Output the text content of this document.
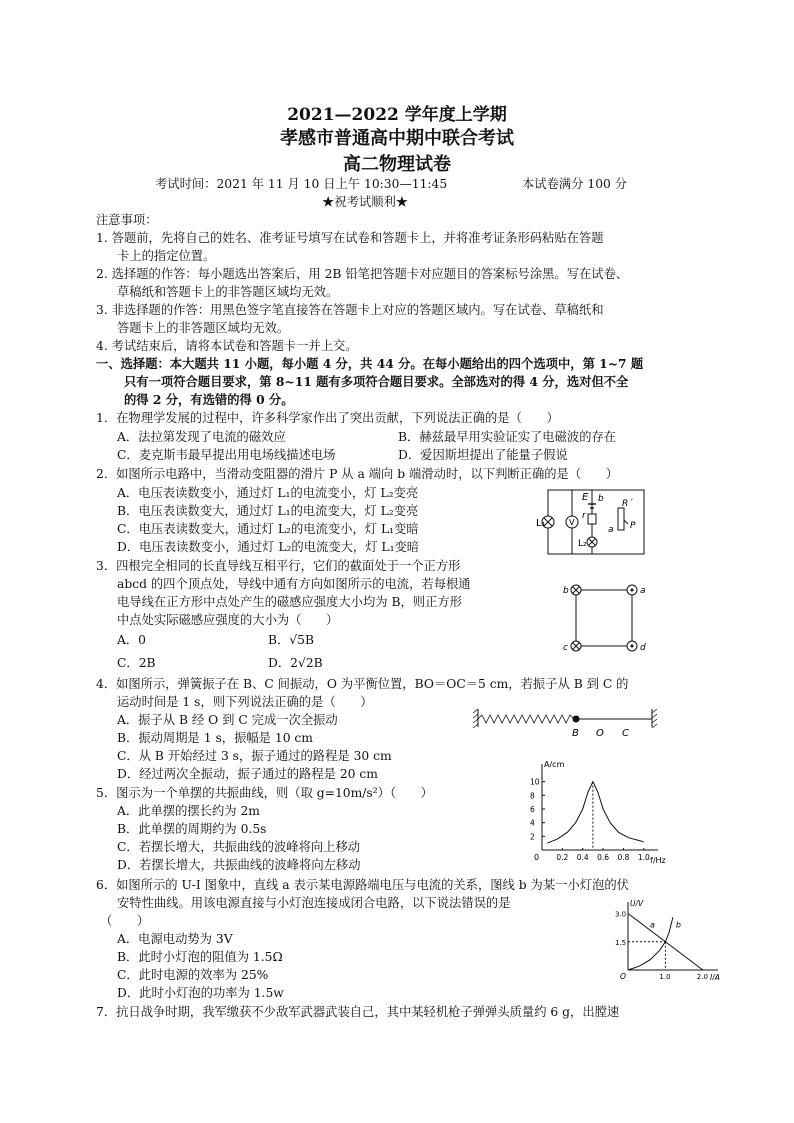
2021—2022 学年度上学期
孝感市普通高中期中联合考试
高二物理试卷
考试时间：2021 年 11 月 10 日上午 10:30—11:45	本试卷满分 100 分
★祝考试顺利★
注意事项：
1. 答题前，先将自己的姓名、准考证号填写在试卷和答题卡上，并将准考证条形码粘贴在答题
卡上的指定位置。
2. 选择题的作答：每小题选出答案后，用 2B 铅笔把答题卡对应题目的答案标号涂黑。写在试卷、
草稿纸和答题卡上的非答题区域均无效。
3. 非选择题的作答：用黑色签字笔直接答在答题卡上对应的答题区域内。写在试卷、草稿纸和
答题卡上的非答题区域均无效。
4. 考试结束后，请将本试卷和答题卡一并上交。
一、选择题：本大题共 11 小题，每小题 4 分，共 44 分。在每小题给出的四个选项中，第 1~7 题
只有一项符合题目要求，第 8~11 题有多项符合题目要求。全部选对的得 4 分，选对但不全
的得 2 分，有选错的得 0 分。
1．在物理学发展的过程中，许多科学家作出了突出贡献，下列说法正确的是（　　）
A．法拉第发现了电流的磁效应	B．赫兹最早用实验证实了电磁波的存在
C．麦克斯韦最早提出用电场线描述电场	D．爱因斯坦提出了能量子假说
2．如图所示电路中，当滑动变阻器的滑片 P 从 a 端向 b 端滑动时，以下判断正确的是（　　）
A．电压表读数变小，通过灯 L₁的电流变小，灯 L₂变亮
B．电压表读数变大，通过灯 L₁的电流变大，灯 L₂变亮
C．电压表读数变大，通过灯 L₂的电流变小，灯 L₁变暗
D．电压表读数变小，通过灯 L₂的电流变大，灯 L₁变暗
L₁	V
E
r
b
a
R´
P
L₂
3．四根完全相同的长直导线互相平行，它们的截面处于一个正方形
abcd 的四个顶点处，导线中通有方向如图所示的电流，若每根通
电导线在正方形中点处产生的磁感应强度大小均为 B，则正方形
中点处实际磁感应强度的大小为（　　）
A．0	B．√5B
C．2B	D．2√2B
b	a
c	d
4．如图所示，弹簧振子在 B、C 间振动，O 为平衡位置，BO＝OC＝5 cm，若振子从 B 到 C 的
运动时间是 1 s，则下列说法正确的是（　　）
A．振子从 B 经 O 到 C 完成一次全振动
B．振动周期是 1 s，振幅是 10 cm
C．从 B 开始经过 3 s，振子通过的路程是 30 cm
D．经过两次全振动，振子通过的路程是 20 cm
B O C
5．图示为一个单摆的共振曲线，则（取 g=10m/s²）（　　）
A．此单摆的摆长约为 2m
B．此单摆的周期约为 0.5s
C．若摆长增大，共振曲线的波峰将向上移动
D．若摆长增大，共振曲线的波峰将向左移动
A/cm
f/Hz
0 0.2 0.4 0.6 0.8 1.0
2
4
6
8
10
6．如图所示的 U-I 图象中，直线 a 表示某电源路端电压与电流的关系，图线 b 为某一小灯泡的伏
安特性曲线。用该电源直接与小灯泡连接成闭合电路，以下说法错误的是
（　　）
A．电源电动势为 3V
B．此时小灯泡的阻值为 1.5Ω
C．此时电源的效率为 25%
D．此时小灯泡的功率为 1.5w
U/V
I/A
O	1.0	2.0
1.5
3.0
a	b
7．抗日战争时期，我军缴获不少敌军武器武装自己，其中某轻机枪子弹弹头质量约 6 g，出膛速
